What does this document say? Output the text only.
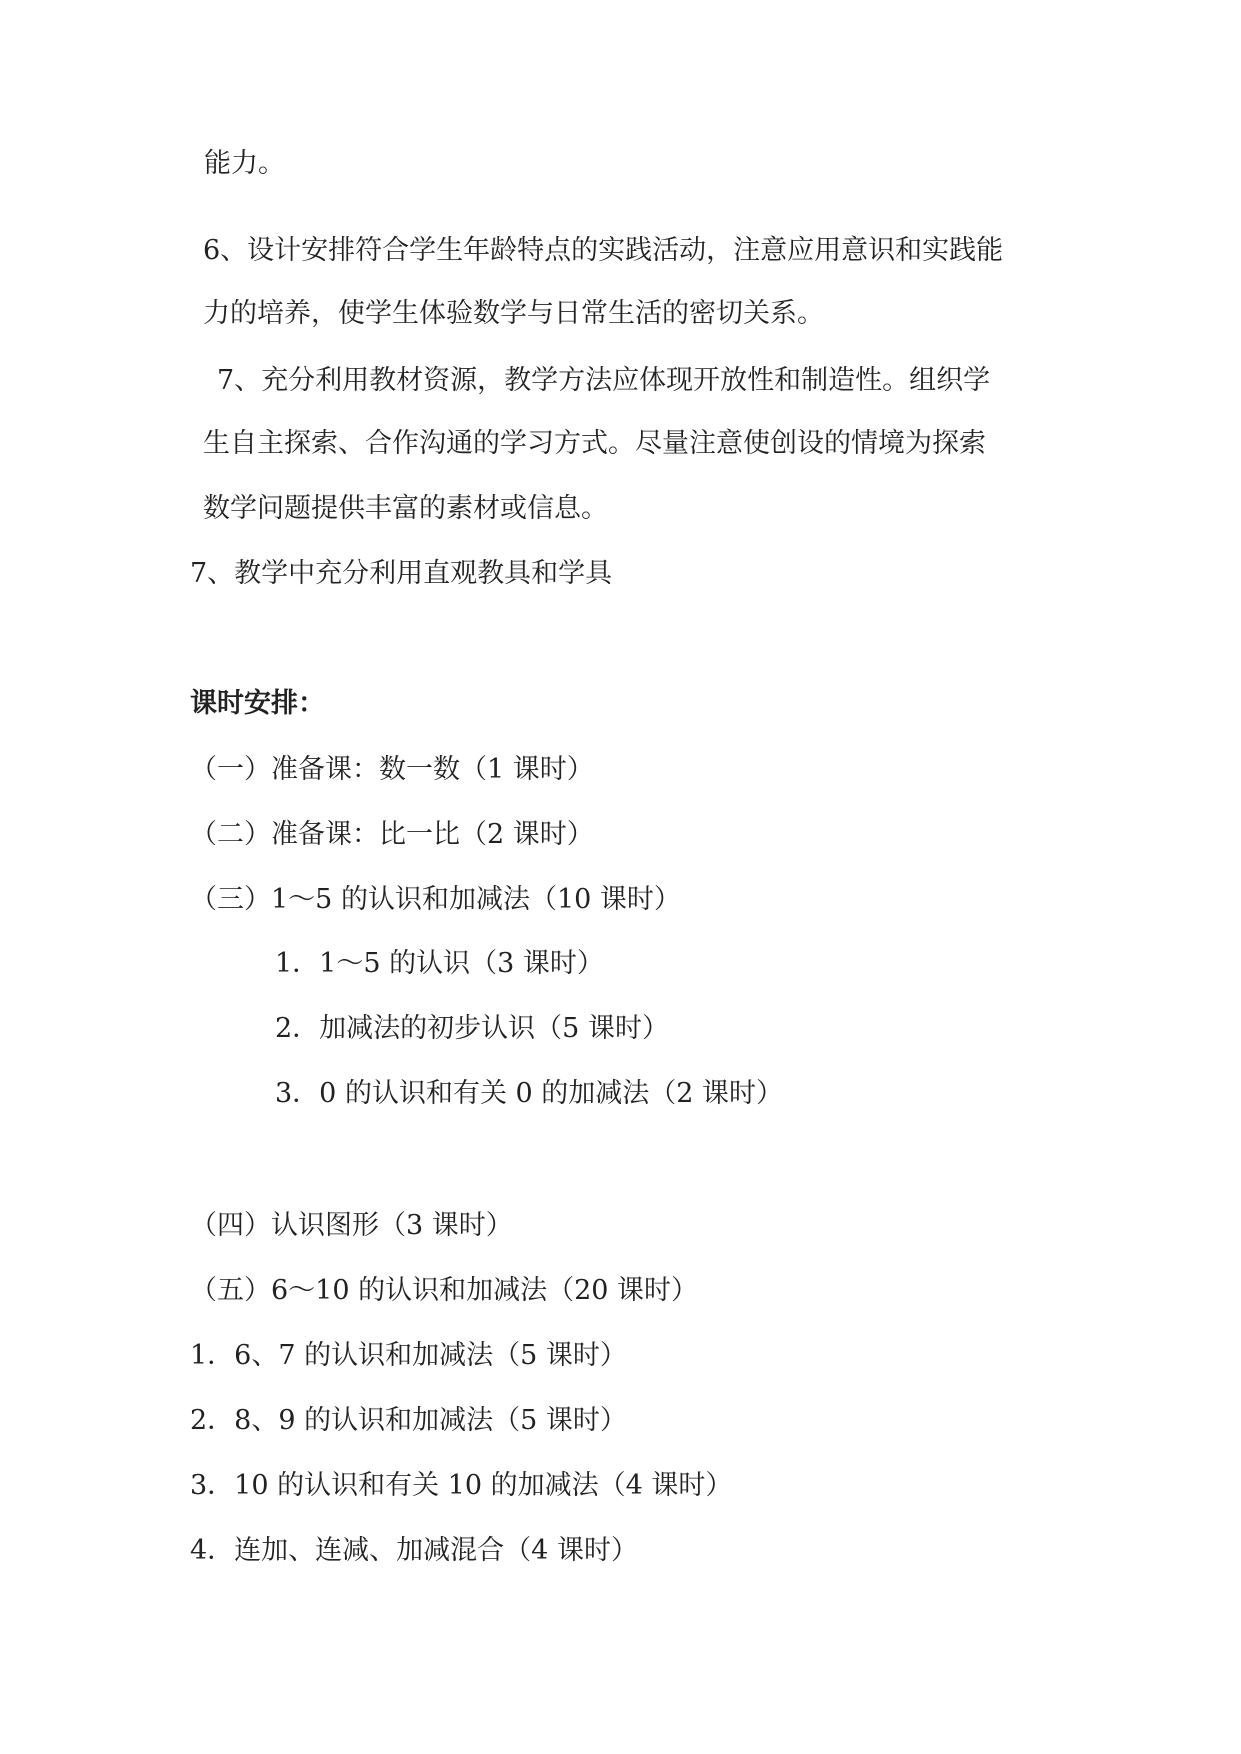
能力。

6、设计安排符合学生年龄特点的实践活动，注意应用意识和实践能

力的培养，使学生体验数学与日常生活的密切关系。

7、充分利用教材资源，教学方法应体现开放性和制造性。组织学

生自主探索、合作沟通的学习方式。尽量注意使创设的情境为探索

数学问题提供丰富的素材或信息。

7、教学中充分利用直观教具和学具

课时安排：

（一）准备课：数一数（1 课时）

（二）准备课：比一比（2 课时）

（三）1～5 的认识和加减法（10 课时）

1．1～5 的认识（3 课时）

2．加减法的初步认识（5 课时）

3．0 的认识和有关 0 的加减法（2 课时）

（四）认识图形（3 课时）

（五）6～10 的认识和加减法（20 课时）

1．6、7 的认识和加减法（5 课时）

2．8、9 的认识和加减法（5 课时）

3．10 的认识和有关 10 的加减法（4 课时）

4．连加、连减、加减混合（4 课时）
